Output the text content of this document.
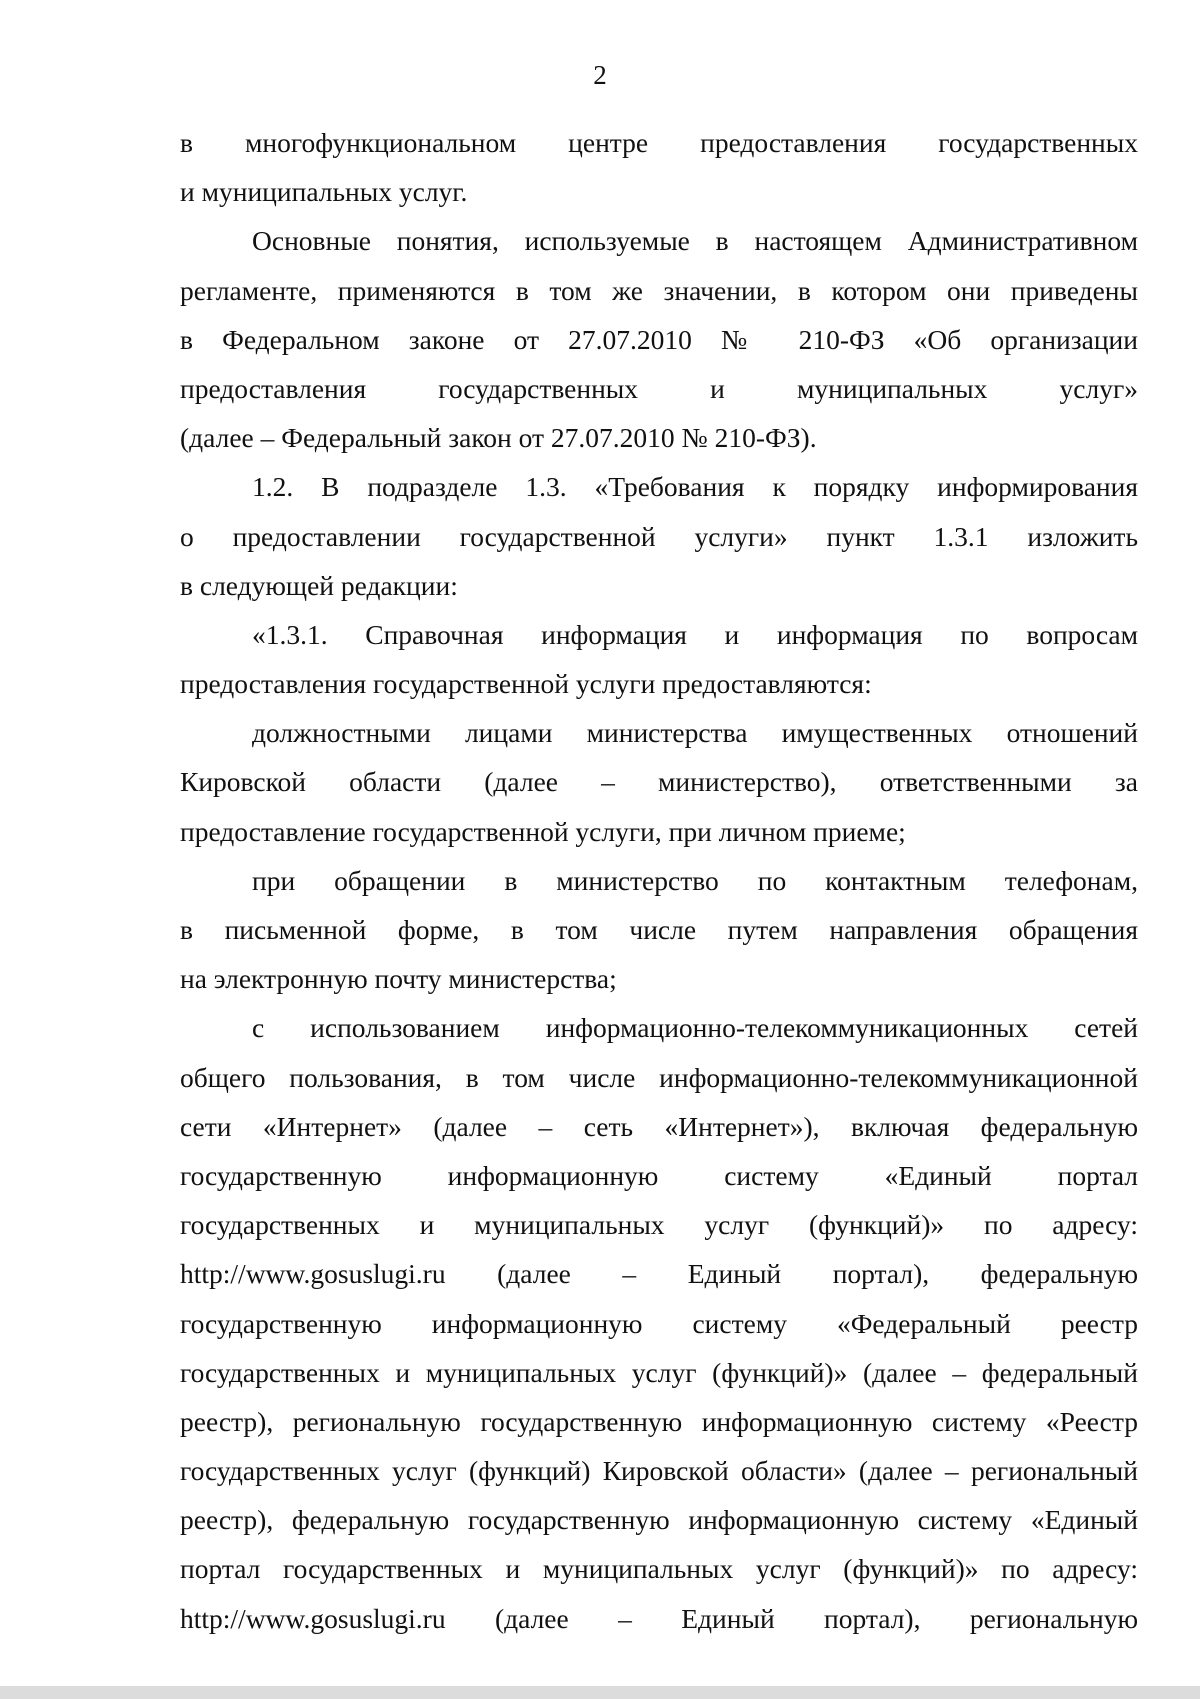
2
в многофункциональном центре предоставления государственных
и муниципальных услуг.
Основные понятия, используемые в настоящем Административном
регламенте, применяются в том же значении, в котором они приведены
в Федеральном законе от 27.07.2010 № 210-ФЗ «Об организации
предоставления государственных и муниципальных услуг»
(далее – Федеральный закон от 27.07.2010 № 210-ФЗ).
1.2. В подразделе 1.3. «Требования к порядку информирования
о предоставлении государственной услуги» пункт 1.3.1 изложить
в следующей редакции:
«1.3.1. Справочная информация и информация по вопросам
предоставления государственной услуги предоставляются:
должностными лицами министерства имущественных отношений
Кировской области (далее – министерство), ответственными за
предоставление государственной услуги, при личном приеме;
при обращении в министерство по контактным телефонам,
в письменной форме, в том числе путем направления обращения
на электронную почту министерства;
с использованием информационно-телекоммуникационных сетей
общего пользования, в том числе информационно-телекоммуникационной
сети «Интернет» (далее – сеть «Интернет»), включая федеральную
государственную информационную систему «Единый портал
государственных и муниципальных услуг (функций)» по адресу:
http://www.gosuslugi.ru (далее – Единый портал), федеральную
государственную информационную систему «Федеральный реестр
государственных и муниципальных услуг (функций)» (далее – федеральный
реестр), региональную государственную информационную систему «Реестр
государственных услуг (функций) Кировской области» (далее – региональный
реестр), федеральную государственную информационную систему «Единый
портал государственных и муниципальных услуг (функций)» по адресу:
http://www.gosuslugi.ru (далее – Единый портал), региональную
